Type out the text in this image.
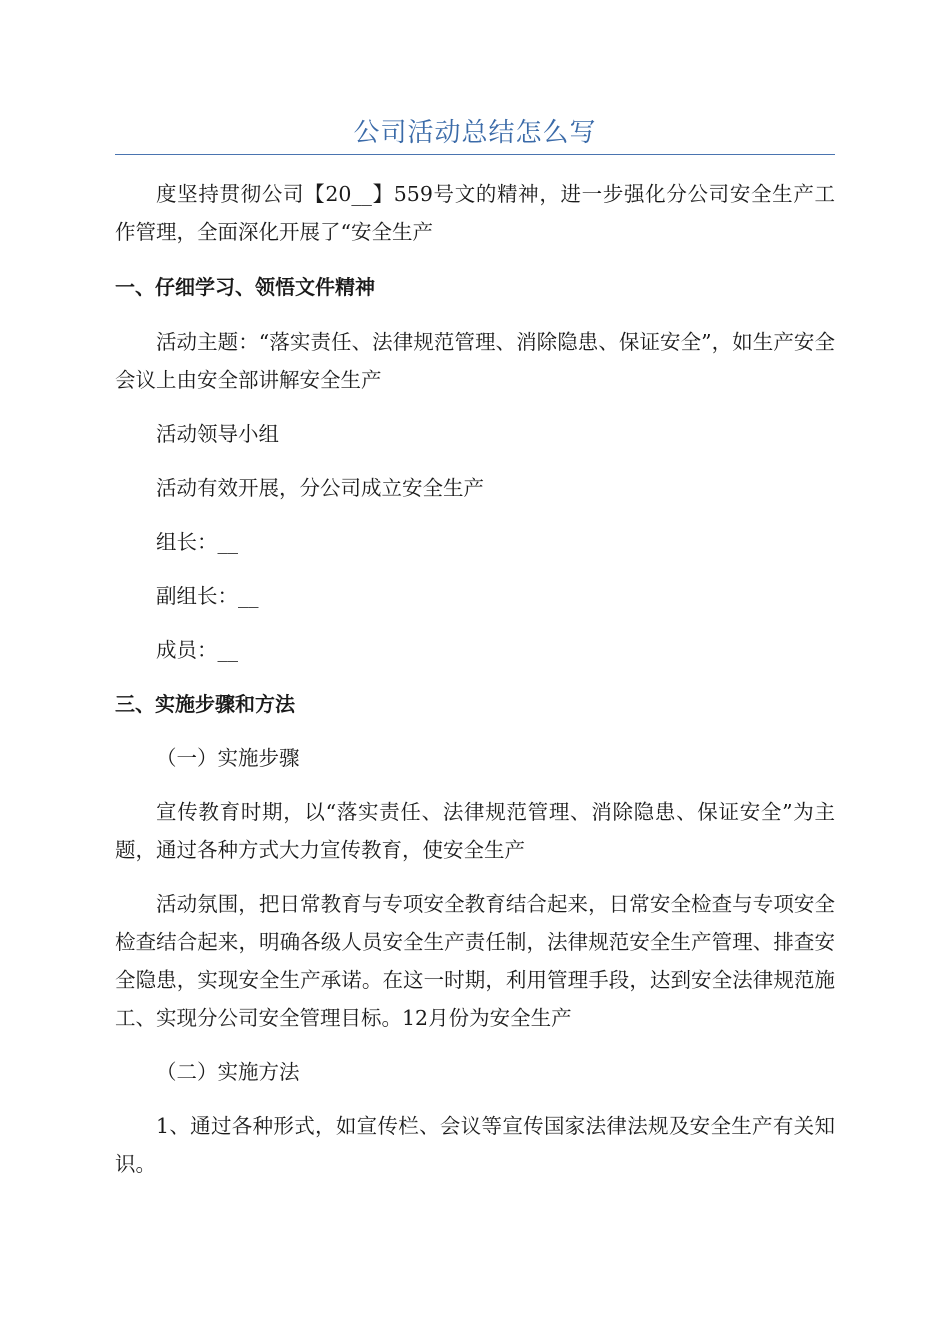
公司活动总结怎么写

度坚持贯彻公司【20__】559号文的精神，进一步强化分公司安全生产工作管理，全面深化开展了“安全生产

一、仔细学习、领悟文件精神

活动主题：“落实责任、法律规范管理、消除隐患、保证安全”，如生产安全会议上由安全部讲解安全生产

活动领导小组

活动有效开展，分公司成立安全生产

组长：__

副组长：__

成员：__

三、实施步骤和方法

（一）实施步骤

宣传教育时期，以“落实责任、法律规范管理、消除隐患、保证安全”为主题，通过各种方式大力宣传教育，使安全生产

活动氛围，把日常教育与专项安全教育结合起来，日常安全检查与专项安全检查结合起来，明确各级人员安全生产责任制，法律规范安全生产管理、排查安全隐患，实现安全生产承诺。在这一时期，利用管理手段，达到安全法律规范施工、实现分公司安全管理目标。12月份为安全生产

（二）实施方法

1、通过各种形式，如宣传栏、会议等宣传国家法律法规及安全生产有关知识。
